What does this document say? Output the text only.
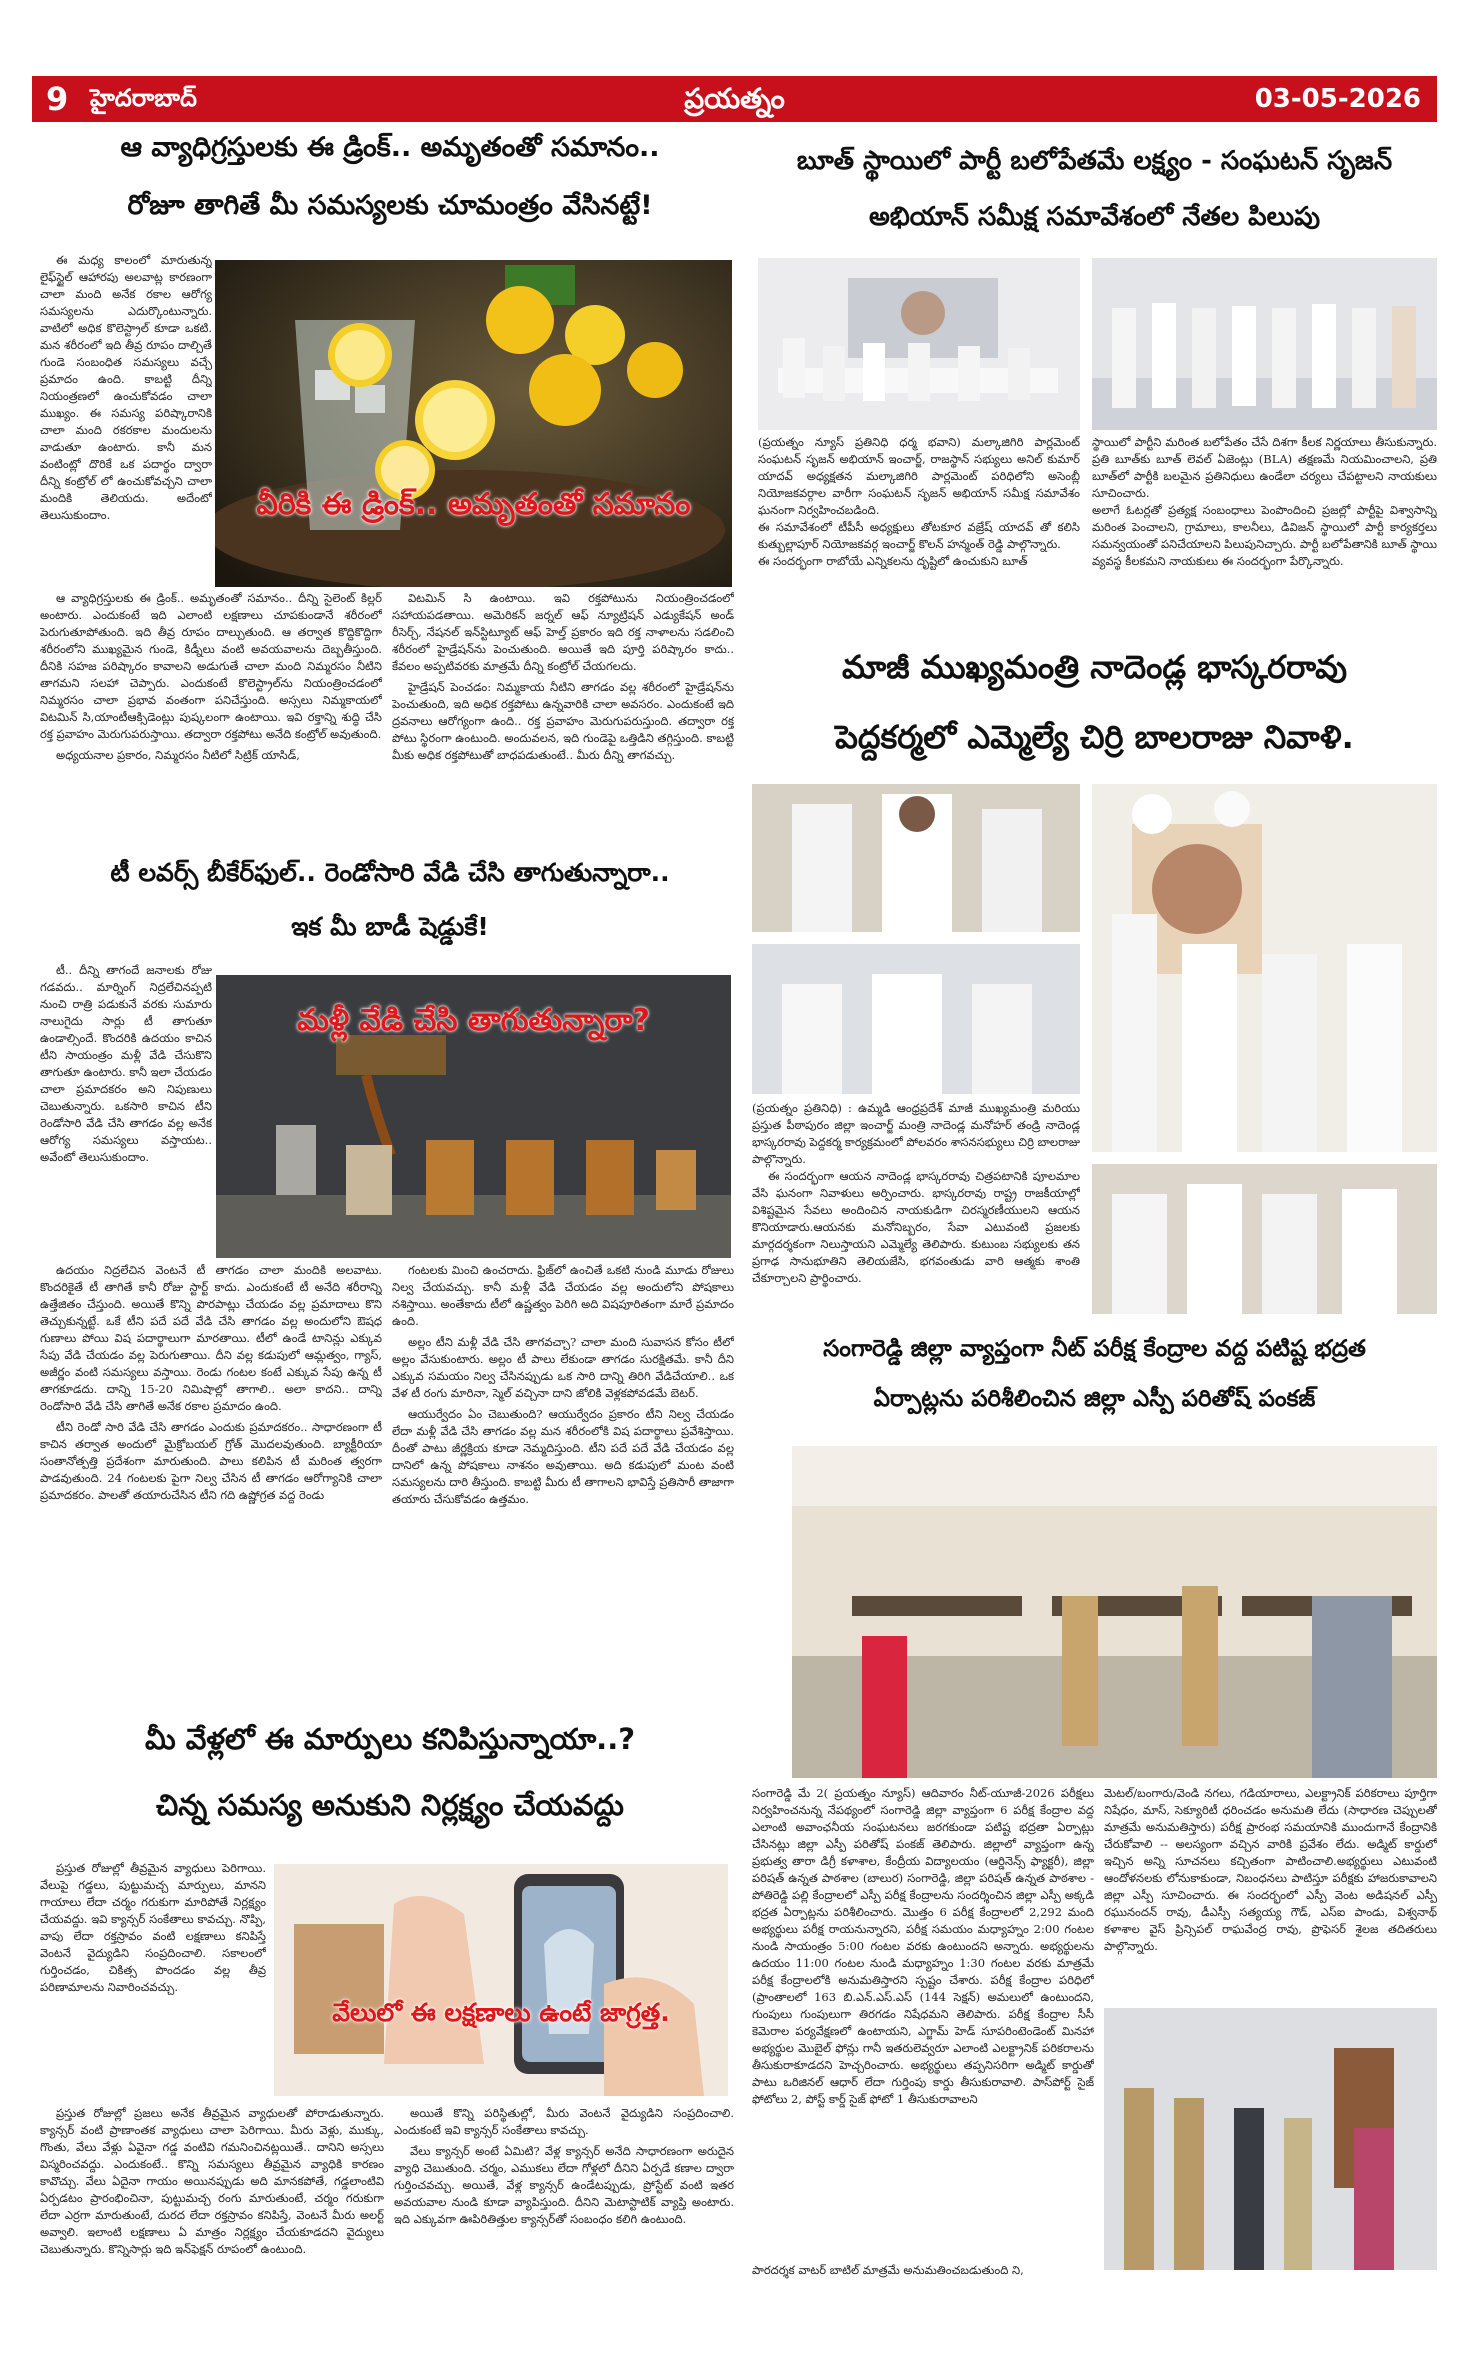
9 హైదరాబాద్	ప్రయత్నం	03-05-2026
ఆ వ్యాధిగ్రస్తులకు ఈ డ్రింక్.. అమృతంతో సమానం..
రోజూ తాగితే మీ సమస్యలకు చూమంత్రం వేసినట్టే!

ఈ మధ్య కాలంలో మారుతున్న లైఫ్‌స్టైల్ ఆహారపు అలవాట్ల కారణంగా చాలా మంది అనేక రకాల ఆరోగ్య సమస్యలను ఎదుర్కొంటున్నారు. వాటిలో అధిక కొలెస్ట్రాల్ కూడా ఒకటి. మన శరీరంలో ఇది తీవ్ర రూపం దాల్చితే గుండె సంబంధిత సమస్యలు వచ్చే ప్రమాదం ఉంది. కాబట్టి దీన్ని నియంత్రణలో ఉంచుకోవడం చాలా ముఖ్యం. ఈ సమస్య పరిష్కారానికి చాలా మంది రకరకాల మందులను వాడుతూ ఉంటారు. కానీ మన వంటింట్లో దొరికే ఒక పదార్థం ద్వారా దీన్ని కంట్రోల్ లో ఉంచుకోవచ్చని చాలా మందికి తెలియదు. అదేంటో తెలుసుకుందాం.	వీరికి ఈ డ్రింక్.. అమృతంతో సమానం

ఆ వ్యాధిగ్రస్తులకు ఈ డ్రింక్.. అమృతంతో సమానం.. దీన్ని సైలెంట్ కిల్లర్ అంటారు. ఎందుకంటే ఇది ఎలాంటి లక్షణాలు చూపకుండానే శరీరంలో పెరుగుతూపోతుంది. ఇది తీవ్ర రూపం దాల్చుతుంది. ఆ తర్వాత కొద్దికొద్దిగా శరీరంలోని ముఖ్యమైన గుండె, కిడ్నీలు వంటి అవయవాలను దెబ్బతీస్తుంది. దీనికి సహజ పరిష్కారం కావాలని అడుగుతే చాలా మంది నిమ్మరసం నీటిని తాగమని సలహా చెప్పారు. ఎందుకంటే కొలెస్ట్రాల్‌ను నియంత్రించడంలో నిమ్మరసం చాలా ప్రభావ వంతంగా పనిచేస్తుంది. అస్సలు నిమ్మకాయలో విటమిన్ సి,యాంటీఆక్సిడెంట్లు పుష్కలంగా ఉంటాయి. ఇవి రక్తాన్ని శుద్ధి చేసి రక్త ప్రవాహం మెరుగుపరుస్తాయి. తద్వారా రక్తపోటు అనేది కంట్రోల్ అవుతుంది.

అధ్యయనాల ప్రకారం, నిమ్మరసం నీటిలో సిట్రిక్ యాసిడ్,

విటమిన్ సి ఉంటాయి. ఇవి రక్తపోటును నియంత్రించడంలో సహాయపడతాయి. అమెరికన్ జర్నల్ ఆఫ్ న్యూట్రిషన్ ఎడ్యుకేషన్ అండ్ రీసెర్చ్, నేషనల్ ఇన్‌స్టిట్యూట్ ఆఫ్ హెల్త్ ప్రకారం ఇది రక్త నాళాలను సడలించి శరీరంలో హైడ్రేషన్‌ను పెంచుతుంది. అయితే ఇది పూర్తి పరిష్కారం కాదు.. కేవలం అప్పటివరకు మాత్రమే దీన్ని కంట్రోల్ చేయగలదు.

హైడ్రేషన్ పెంచడం: నిమ్మకాయ నీటిని తాగడం వల్ల శరీరంలో హైడ్రేషన్‌ను పెంచుతుంది, ఇది అధిక రక్తపోటు ఉన్నవారికి చాలా అవసరం. ఎందుకంటే ఇది ద్రవనాలు ఆరోగ్యంగా ఉంది.. రక్త ప్రవాహం మెరుగుపరుస్తుంది. తద్వారా రక్త పోటు స్థిరంగా ఉంటుంది. అందువలన, ఇది గుండెపై ఒత్తిడిని తగ్గిస్తుంది. కాబట్టి మీకు అధిక రక్తపోటుతో బాధపడుతుంటే.. మీరు దీన్ని తాగవచ్చు.

టీ లవర్స్ బీకేర్‌ఫుల్.. రెండోసారి వేడి చేసి తాగుతున్నారా..
ఇక మీ బాడీ షెడ్డుకే!

టీ.. దీన్ని తాగందే జనాలకు రోజు గడవదు.. మార్నింగ్ నిద్రలేచినప్పటి నుంచి రాత్రి పడుకునే వరకు సుమారు నాలుగైదు సార్లు టీ తాగుతూ ఉండాల్సిందే. కొందరికి ఉదయం కాచిన టీని సాయంత్రం మళ్లీ వేడి చేసుకొని తాగుతూ ఉంటారు. కానీ ఇలా చేయడం చాలా ప్రమాదకరం అని నిపుణులు చెబుతున్నారు. ఒకసారి కాచిన టీని రెండోసారి వేడి చేసి తాగడం వల్ల అనేక ఆరోగ్య సమస్యలు వస్తాయట.. అవేంటో తెలుసుకుందాం.

మళ్లీ వేడి చేసి తాగుతున్నారా?

ఉదయం నిద్రలేచిన వెంటనే టీ తాగడం చాలా మందికి అలవాటు. కొందరికైతే టీ తాగితే కానీ రోజు స్టార్ట్ కాదు. ఎందుకంటే టీ అనేది శరీరాన్ని ఉత్తేజితం చేస్తుంది. అయితే కొన్ని పొరపాట్లు చేయడం వల్ల ప్రమాదాలు కొని తెచ్చుకున్నట్టే. ఒకే టీని పదే పదే వేడి చేసి తాగడం వల్ల అందులోని ఔషధ గుణాలు పోయి విష పదార్థాలుగా మారతాయి. టీలో ఉండే టానిన్లు ఎక్కువ సేపు వేడి చేయడం వల్ల పెరుగుతాయి. దీని వల్ల కడుపులో ఆమ్లత్వం, గ్యాస్, అజీర్ణం వంటి సమస్యలు వస్తాయి. రెండు గంటల కంటే ఎక్కువ సేపు ఉన్న టీ తాగకూడదు. దాన్ని 15-20 నిమిషాల్లో తాగాలి.. అలా కాదని.. దాన్ని రెండోసారి వేడి చేసి తాగితే అనేక రకాల ప్రమాదం ఉంది.

టీని రెండో సారి వేడి చేసి తాగడం ఎందుకు ప్రమాదకరం.. సాధారణంగా టీ కాచిన తర్వాత అందులో మైక్రోబయల్ గ్రోత్ మొదలవుతుంది. బ్యాక్టీరియా సంతానోత్పత్తి ప్రదేశంగా మారుతుంది. పాలు కలిపిన టీ మరింత త్వరగా పాడవుతుంది. 24 గంటలకు పైగా నిల్వ చేసిన టీ తాగడం ఆరోగ్యానికి చాలా ప్రమాదకరం. పాలతో తయారుచేసిన టీని గది ఉష్ణోగ్రత వద్ద రెండు

గంటలకు మించి ఉంచరాదు. ఫ్రిజ్‌లో ఉంచితే ఒకటి నుండి మూడు రోజులు నిల్వ చేయవచ్చు. కానీ మళ్లీ వేడి చేయడం వల్ల అందులోని పోషకాలు నశిస్తాయి. అంతేకాదు టీలో ఉష్ణత్వం పెరిగి అది విషపూరితంగా మారే ప్రమాదం ఉంది.

అల్లం టీని మళ్లీ వేడి చేసి తాగవచ్చా? చాలా మంది సువాసన కోసం టీలో అల్లం వేసుకుంటారు. అల్లం టీ పాలు లేకుండా తాగడం సురక్షితమే. కానీ దీని ఎక్కువ సమయం నిల్వ చేసినప్పుడు ఒక సారి దాన్ని తిరిగి వేడిచేయాలి.. ఒక వేళ టీ రంగు మారినా, స్మెల్ వచ్చినా దాని జోలికి వెళ్లకపోవడమే బెటర్.

ఆయుర్వేదం ఏం చెబుతుంది? ఆయుర్వేదం ప్రకారం టీని నిల్వ చేయడం లేదా మళ్లీ వేడి చేసి తాగడం వల్ల మన శరీరంలోకి విష పదార్థాలు ప్రవేశిస్తాయి. దీంతో పాటు జీర్ణక్రియ కూడా నెమ్మదిస్తుంది. టీని పదే పదే వేడి చేయడం వల్ల దానిలో ఉన్న పోషకాలు నాశనం అవుతాయి. అది కడుపులో మంట వంటి సమస్యలను దారి తీస్తుంది. కాబట్టి మీరు టీ తాగాలని భావిస్తే ప్రతిసారీ తాజాగా తయారు చేసుకోవడం ఉత్తమం.

మీ వేళ్లలో ఈ మార్పులు కనిపిస్తున్నాయా..?
చిన్న సమస్య అనుకుని నిర్లక్ష్యం చేయవద్దు

ప్రస్తుత రోజుల్లో తీవ్రమైన వ్యాధులు పెరిగాయి. వేలుపై గడ్డలు, పుట్టుమచ్చ మార్పులు, మానని గాయాలు లేదా చర్మం గరుకుగా మారిపోతే నిర్లక్ష్యం చేయవద్దు. ఇవి క్యాన్సర్ సంకేతాలు కావచ్చు. నొప్పి, వాపు లేదా రక్తస్రావం వంటి లక్షణాలు కనిపిస్తే వెంటనే వైద్యుడిని సంప్రదించాలి. సకాలంలో గుర్తించడం, చికిత్స పొందడం వల్ల తీవ్ర పరిణామాలను నివారించవచ్చు.

వేలులో ఈ లక్షణాలు ఉంటే జాగ్రత్త.

ప్రస్తుత రోజుల్లో ప్రజలు అనేక తీవ్రమైన వ్యాధులతో పోరాడుతున్నారు. క్యాన్సర్ వంటి ప్రాణాంతక వ్యాధులు చాలా పెరిగాయి. మీరు వెళ్లు, ముక్కు, గొంతు, వేలు వేళ్లు ఏవైనా గడ్డ వంటివి గమనించినట్లయితే.. దానిని అస్సలు విస్మరించవద్దు. ఎందుకంటే.. కొన్ని సమస్యలు తీవ్రమైన వ్యాధికి కారణం కావొచ్చు. వేలు ఏదైనా గాయం అయినప్పుడు అది మానకపోతే, గడ్డలాంటివి ఏర్పడటం ప్రారంభించినా, పుట్టుమచ్చ రంగు మారుతుంటే, చర్మం గరుకుగా లేదా ఎర్రగా మారుతుంటే, దురద లేదా రక్తస్రావం కనిపిస్తే, వెంటనే మీరు అలర్ట్ అవ్వాలి. ఇలాంటి లక్షణాలు ఏ మాత్రం నిర్లక్ష్యం చేయకూడదని వైద్యులు చెబుతున్నారు. కొన్నిసార్లు ఇది ఇన్‌ఫెక్షన్ రూపంలో ఉంటుంది.

అయితే కొన్ని పరిస్థితుల్లో, మీరు వెంటనే వైద్యుడిని సంప్రదించాలి. ఎందుకంటే ఇవి క్యాన్సర్ సంకేతాలు కావచ్చు.

వేలు క్యాన్సర్ అంటే ఏమిటి? వేళ్ల క్యాన్సర్ అనేది సాధారణంగా అరుదైన వ్యాధి చెబుతుంది. చర్మం, ఎముకలు లేదా గోళ్లలో దీనిని ఏర్పడే కణాల ద్వారా గుర్తించవచ్చు. అయితే, వేళ్ల క్యాన్సర్ ఉండేటప్పుడు, ప్రోస్టేట్ వంటి ఇతర అవయవాల నుండి కూడా వ్యాపిస్తుంది. దీనిని మెటాస్టాటిక్ వ్యాప్తి అంటారు. ఇది ఎక్కువగా ఊపిరితిత్తుల క్యాన్సర్‌తో సంబంధం కలిగి ఉంటుంది.

బూత్ స్థాయిలో పార్టీ బలోపేతమే లక్ష్యం - సంఘటన్ సృజన్
అభియాన్ సమీక్ష సమావేశంలో నేతల పిలుపు

(ప్రయత్నం న్యూస్ ప్రతినిధి ధర్మ భవాని) మల్కాజిగిరి పార్లమెంట్ సంఘటన్ సృజన్ అభియాన్ ఇంచార్జ్, రాజస్థాన్ సభ్యులు అనిల్ కుమార్ యాదవ్ అధ్యక్షతన మల్కాజిగిరి పార్లమెంట్ పరిధిలోని అసెంబ్లీ నియోజకవర్గాల వారీగా సంఘటన్ సృజన్ అభియాన్ సమీక్ష సమావేశం ఘనంగా నిర్వహించబడింది.

ఈ సమావేశంలో టీపీసీ అధ్యక్షులు తోటకూర వజ్రేష్ యాదవ్ తో కలిసి కుత్బుల్లాపూర్ నియోజకవర్గ ఇంచార్జ్ కొలన్ హన్మంత్ రెడ్డి పాల్గొన్నారు.

ఈ సందర్భంగా రాబోయే ఎన్నికలను దృష్టిలో ఉంచుకుని బూత్

స్థాయిలో పార్టీని మరింత బలోపేతం చేసే దిశగా కీలక నిర్ణయాలు తీసుకున్నారు. ప్రతి బూత్‌కు బూత్ లెవల్ ఏజెంట్లు (BLA) తక్షణమే నియమించాలని, ప్రతి బూత్‌లో పార్టీకి బలమైన ప్రతినిధులు ఉండేలా చర్యలు చేపట్టాలని నాయకులు సూచించారు.

అలాగే ఓటర్లతో ప్రత్యక్ష సంబంధాలు పెంపొందించి ప్రజల్లో పార్టీపై విశ్వాసాన్ని మరింత పెంచాలని, గ్రామాలు, కాలనీలు, డివిజన్ స్థాయిలో పార్టీ కార్యకర్తలు సమన్వయంతో పనిచేయాలని పిలుపునిచ్చారు. పార్టీ బలోపేతానికి బూత్ స్థాయి వ్యవస్థ కీలకమని నాయకులు ఈ సందర్భంగా పేర్కొన్నారు.

మాజీ ముఖ్యమంత్రి నాదెండ్ల భాస్కరరావు
పెద్దకర్మలో ఎమ్మెల్యే చిర్రి బాలరాజు నివాళి.

(ప్రయత్నం ప్రతినిధి) : ఉమ్మడి ఆంధ్రప్రదేశ్ మాజీ ముఖ్యమంత్రి మరియు ప్రస్తుత పీఠాపురం జిల్లా ఇంచార్జ్ మంత్రి నాదెండ్ల మనోహర్ తండ్రి నాదెండ్ల భాస్కరరావు పెద్దకర్మ కార్యక్రమంలో పోలవరం శాసనసభ్యులు చిర్రి బాలరాజు పాల్గొన్నారు.

ఈ సందర్భంగా ఆయన నాదెండ్ల భాస్కరరావు చిత్రపటానికి పూలమాల వేసి ఘనంగా నివాళులు అర్పించారు. భాస్కరరావు రాష్ట్ర రాజకీయాల్లో విశిష్టమైన సేవలు అందించిన నాయకుడిగా చిరస్మరణీయులని ఆయన కొనియాడారు.ఆయనకు మనోనిబ్బరం, సేవా ఎటువంటి ప్రజలకు మార్గదర్శకంగా నిలుస్తాయని ఎమ్మెల్యే తెలిపారు. కుటుంబ సభ్యులకు తన ప్రగాఢ సానుభూతిని తెలియజేసి, భగవంతుడు వారి ఆత్మకు శాంతి చేకూర్చాలని ప్రార్థించారు.

సంగారెడ్డి జిల్లా వ్యాప్తంగా నీట్ పరీక్ష కేంద్రాల వద్ద పటిష్ట భద్రత
ఏర్పాట్లను పరిశీలించిన జిల్లా ఎస్పీ పరితోష్ పంకజ్

సంగారెడ్డి మే 2( ప్రయత్నం న్యూస్) ఆదివారం నీట్-యూజీ-2026 పరీక్షలు నిర్వహించనున్న నేపథ్యంలో సంగారెడ్డి జిల్లా వ్యాప్తంగా 6 పరీక్ష కేంద్రాల వద్ద ఎలాంటి అవాంఛనీయ సంఘటనలు జరగకుండా పటిష్ట భద్రతా ఏర్పాట్లు చేసినట్లు జిల్లా ఎస్పీ పరితోష్ పంకజ్ తెలిపారు. జిల్లాలో వ్యాప్తంగా ఉన్న ప్రభుత్వ తారా డిగ్రీ కళాశాల, కేంద్రీయ విద్యాలయం (ఆర్డినెన్స్ ఫ్యాక్టరీ), జిల్లా పరిషత్ ఉన్నత పాఠశాల (బాలుర) సంగారెడ్డి, జిల్లా పరిషత్ ఉన్నత పాఠశాల - పోతిరెడ్డి పల్లి కేంద్రాలలో ఎస్పీ పరీక్ష కేంద్రాలను సందర్శించిన జిల్లా ఎస్పీ అక్కడి భద్రత ఏర్పాట్లను పరిశీలించారు. మొత్తం 6 పరీక్ష కేంద్రాలలో 2,292 మంది అభ్యర్థులు పరీక్ష రాయనున్నారని, పరీక్ష సమయం మధ్యాహ్నం 2:00 గంటల నుండి సాయంత్రం 5:00 గంటల వరకు ఉంటుందని అన్నారు. అభ్యర్థులను ఉదయం 11:00 గంటల నుండి మధ్యాహ్నం 1:30 గంటల వరకు మాత్రమే పరీక్ష కేంద్రాలలోకి అనుమతిస్తారని స్పష్టం చేశారు. పరీక్ష కేంద్రాల పరిధిలో (ప్రాంతాలలో 163 బి.ఎన్.ఎస్.ఎస్ (144 సెక్షన్) అమలులో ఉంటుందని, గుంపులు గుంపులుగా తిరగడం నిషేధమని తెలిపారు. పరీక్ష కేంద్రాల సీసీ కెమెరాల పర్యవేక్షణలో ఉంటాయని, ఎగ్జామ్ హెడ్ సూపరింటెండెంట్ మినహా అభ్యర్థుల మొబైల్ ఫోన్లు గానీ ఇతరులెవ్వరూ ఎలాంటి ఎలక్ట్రానిక్ పరికరాలను తీసుకురాకూడదని హెచ్చరించారు. అభ్యర్థులు తప్పనిసరిగా అడ్మిట్ కార్డుతో పాటు ఒరిజినల్ ఆధార్ లేదా గుర్తింపు కార్డు తీసుకురావాలి. పాస్‌పోర్ట్ సైజ్ ఫోటోలు 2, పోస్ట్ కార్డ్ సైజ్ ఫోటో 1 తీసుకురావాలని

మెటల్/బంగారు/వెండి నగలు, గడియారాలు, ఎలక్ట్రానిక్ పరికరాలు పూర్తిగా నిషేధం, మాస్, సెక్యూరిటీ ధరించడం అనుమతి లేదు (సాధారణ చెప్పులతో మాత్రమే అనుమతిస్తారు) పరీక్ష ప్రారంభ సమయానికి ముందుగానే కేంద్రానికి చేరుకోవాలి -- అలస్యంగా వచ్చిన వారికి ప్రవేశం లేదు. అడ్మిట్ కార్డులో ఇచ్చిన అన్ని సూచనలు కచ్చితంగా పాటించాలి.అభ్యర్థులు ఎటువంటి ఆందోళనలకు లోనుకాకుండా, నిబంధనలు పాటిస్తూ పరీక్షకు హాజరుకావాలని జిల్లా ఎస్పీ సూచించారు. ఈ సందర్భంలో ఎస్పీ వెంట అడిషనల్ ఎస్పీ రఘునందన్ రావు, డీఎస్పీ సత్యయ్య గౌడ్, ఎస్ఐ పాండు, విశ్వనాథ్ కళాశాల వైస్ ప్రిన్సిపల్ రాఘవేంద్ర రావు, ప్రొఫెసర్ శైలజ తదితరులు పాల్గొన్నారు.

పారదర్శక వాటర్ బాటిల్ మాత్రమే అనుమతించబడుతుంది ని,
